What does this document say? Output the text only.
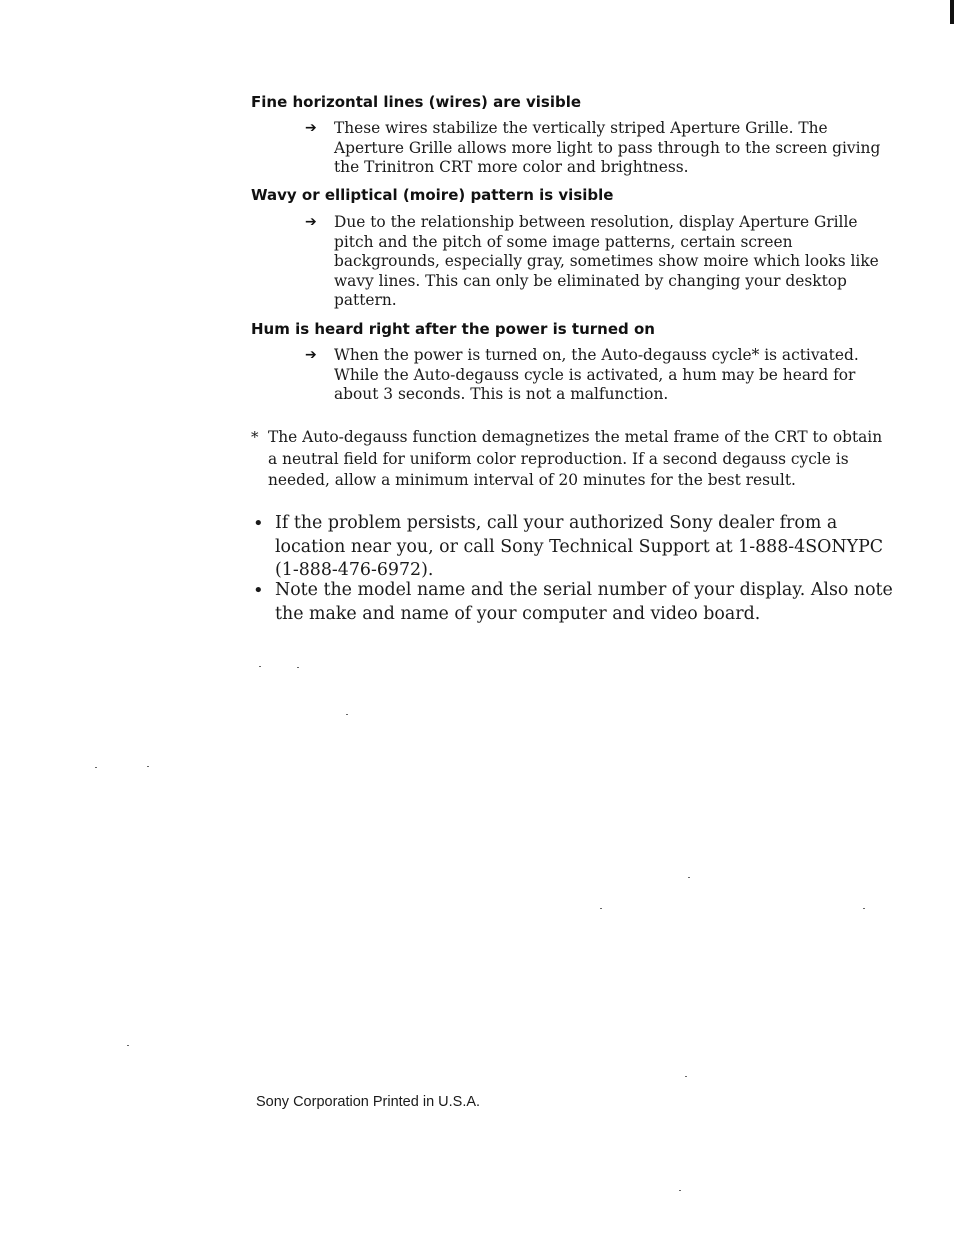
Fine horizontal lines (wires) are visible
➔ These wires stabilize the vertically striped Aperture Grille. The Aperture Grille allows more light to pass through to the screen giving the Trinitron CRT more color and brightness.
Wavy or elliptical (moire) pattern is visible
➔ Due to the relationship between resolution, display Aperture Grille pitch and the pitch of some image patterns, certain screen backgrounds, especially gray, sometimes show moire which looks like wavy lines. This can only be eliminated by changing your desktop pattern.
Hum is heard right after the power is turned on
➔ When the power is turned on, the Auto-degauss cycle* is activated. While the Auto-degauss cycle is activated, a hum may be heard for about 3 seconds. This is not a malfunction.
* The Auto-degauss function demagnetizes the metal frame of the CRT to obtain a neutral field for uniform color reproduction. If a second degauss cycle is needed, allow a minimum interval of 20 minutes for the best result.
• If the problem persists, call your authorized Sony dealer from a location near you, or call Sony Technical Support at 1-888-4SONYPC (1-888-476-6972).
• Note the model name and the serial number of your display. Also note the make and name of your computer and video board.
Sony Corporation Printed in U.S.A.
